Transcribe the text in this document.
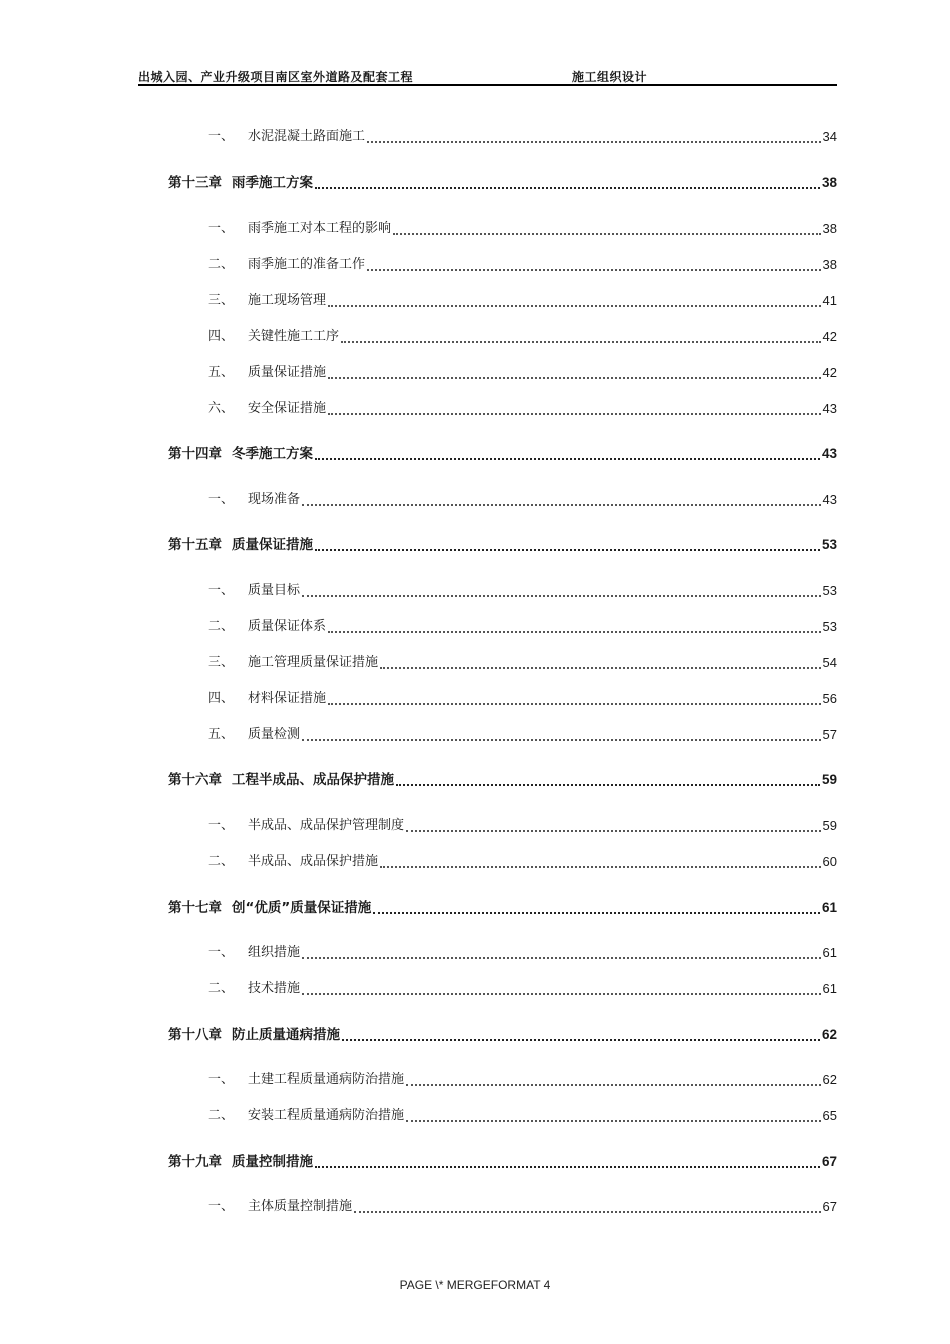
出城入园、产业升级项目南区室外道路及配套工程	施工组织设计
一、	水泥混凝土路面施工	34
第十三章 雨季施工方案	38
一、	雨季施工对本工程的影响	38
二、	雨季施工的准备工作	38
三、	施工现场管理	41
四、	关键性施工工序	42
五、	质量保证措施	42
六、	安全保证措施	43
第十四章 冬季施工方案	43
一、	现场准备	43
第十五章 质量保证措施	53
一、	质量目标	53
二、	质量保证体系	53
三、	施工管理质量保证措施	54
四、	材料保证措施	56
五、	质量检测	57
第十六章 工程半成品、成品保护措施	59
一、	半成品、成品保护管理制度	59
二、	半成品、成品保护措施	60
第十七章 创“优质”质量保证措施	61
一、	组织措施	61
二、	技术措施	61
第十八章 防止质量通病措施	62
一、	土建工程质量通病防治措施	62
二、	安装工程质量通病防治措施	65
第十九章 质量控制措施	67
一、	主体质量控制措施	67
PAGE \* MERGEFORMAT 4
